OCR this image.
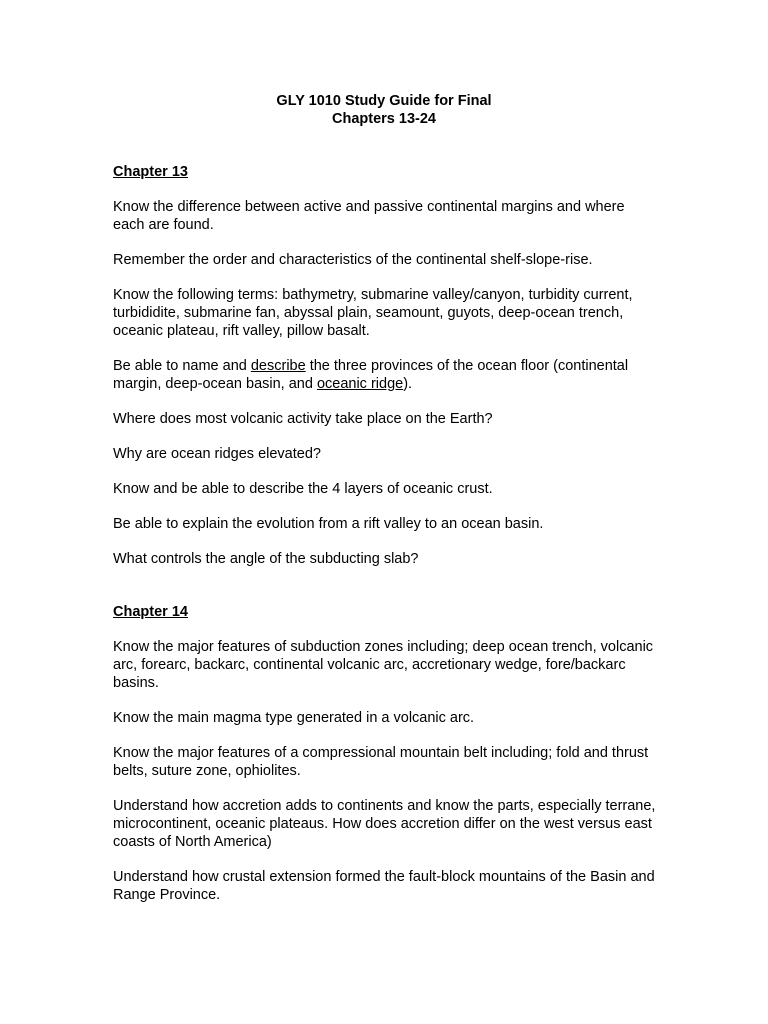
GLY 1010 Study Guide for Final
Chapters 13-24
Chapter 13
Know the difference between active and passive continental margins and where each are found.
Remember the order and characteristics of the continental shelf-slope-rise.
Know the following terms: bathymetry, submarine valley/canyon, turbidity current, turbididite, submarine fan, abyssal plain, seamount, guyots, deep-ocean trench, oceanic plateau, rift valley, pillow basalt.
Be able to name and describe the three provinces of the ocean floor (continental margin, deep-ocean basin, and oceanic ridge).
Where does most volcanic activity take place on the Earth?
Why are ocean ridges elevated?
Know and be able to describe the 4 layers of oceanic crust.
Be able to explain the evolution from a rift valley to an ocean basin.
What controls the angle of the subducting slab?
Chapter 14
Know the major features of subduction zones including; deep ocean trench, volcanic arc, forearc, backarc, continental volcanic arc, accretionary wedge, fore/backarc basins.
Know the main magma type generated in a volcanic arc.
Know the major features of a compressional mountain belt including; fold and thrust belts, suture zone, ophiolites.
Understand how accretion adds to continents and know the parts, especially terrane, microcontinent, oceanic plateaus. How does accretion differ on the west versus east coasts of North America)
Understand how crustal extension formed the fault-block mountains of the Basin and Range Province.
